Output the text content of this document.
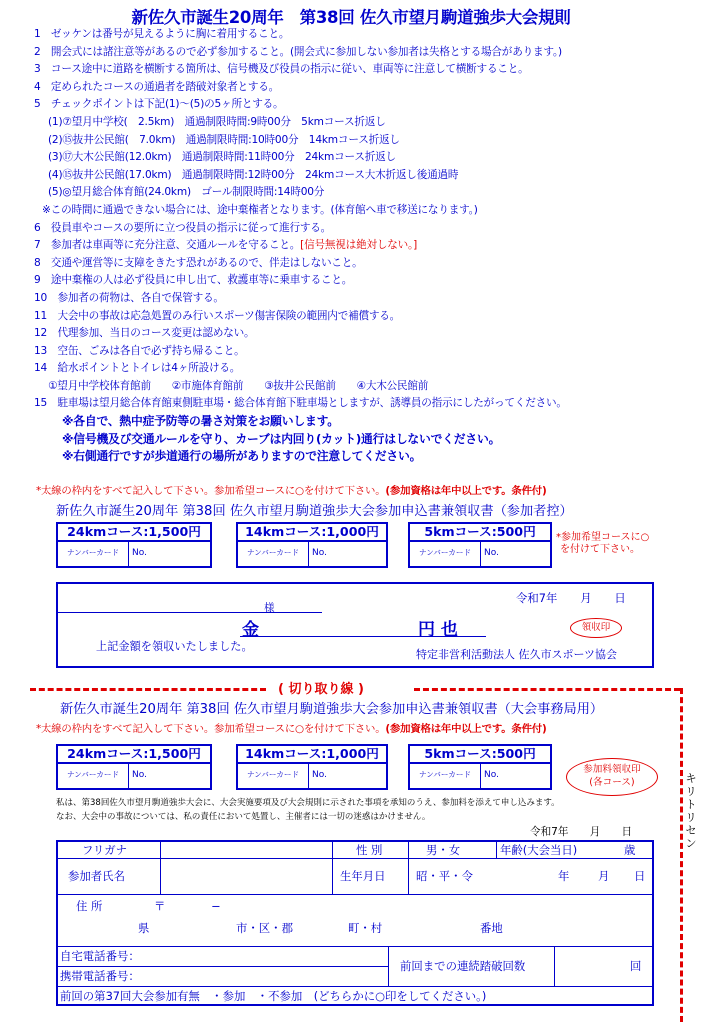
新佐久市誕生20周年　第38回 佐久市望月駒道強歩大会規則
1　ゼッケンは番号が見えるように胸に着用すること。
2　開会式には諸注意等があるので必ず参加すること。(開会式に参加しない参加者は失格とする場合があります。)
3　コース途中に道路を横断する箇所は、信号機及び役員の指示に従い、車両等に注意して横断すること。
4　定められたコースの通過者を踏破対象者とする。
5　チェックポイントは下記(1)～(5)の5ヶ所とする。
(1)⑦望月中学校(　2.5km)　通過制限時間:9時00分　5kmコース折返し
(2)⑮抜井公民館(　7.0km)　通過制限時間:10時00分　14kmコース折返し
(3)⑰大木公民館(12.0km)　通過制限時間:11時00分　24kmコース折返し
(4)⑮抜井公民館(17.0km)　通過制限時間:12時00分　24kmコース大木折返し後通過時
(5)◎望月総合体育館(24.0km)　ゴール制限時間:14時00分
※この時間に通過できない場合には、途中棄権者となります。(体育館へ車で移送になります。)
6　役員車やコースの要所に立つ役員の指示に従って進行する。
7　参加者は車両等に充分注意、交通ルールを守ること。[信号無視は絶対しない。]
8　交通や運営等に支障をきたす恐れがあるので、伴走はしないこと。
9　途中棄権の人は必ず役員に申し出て、救護車等に乗車すること。
10　参加者の荷物は、各自で保管する。
11　大会中の事故は応急処置のみ行いスポーツ傷害保険の範囲内で補償する。
12　代理参加、当日のコース変更は認めない。
13　空缶、ごみは各自で必ず持ち帰ること。
14　給水ポイントとトイレは4ヶ所設ける。
①望月中学校体育館前　　②市施体育館前　　③抜井公民館前　　④大木公民館前
15　駐車場は望月総合体育館東側駐車場・総合体育館下駐車場としますが、誘導員の指示にしたがってください。
※各自で、熱中症予防等の暑さ対策をお願いします。
※信号機及び交通ルールを守り、カーブは内回り(カット)通行はしないでください。
※右側通行ですが歩道通行の場所がありますので注意してください。
*太線の枠内をすべて記入して下さい。参加希望コースに○を付けて下さい。(参加資格は年中以上です。条件付)
新佐久市誕生20周年 第38回 佐久市望月駒道強歩大会参加申込書兼領収書（参加者控）
24kmコース:1,500円
ナンバーカード	No.
14kmコース:1,000円
ナンバーカード	No.
5kmコース:500円
ナンバーカード	No.
*参加希望コースに○
を付けて下さい。
令和7年　　月　　日
様
金	円 也
上記金額を領収いたしました。
領収印
特定非営利活動法人 佐久市スポーツ協会
( 切り取り線 )
キリトリセン
新佐久市誕生20周年 第38回 佐久市望月駒道強歩大会参加申込書兼領収書（大会事務局用）
*太線の枠内をすべて記入して下さい。参加希望コースに○を付けて下さい。(参加資格は年中以上です。条件付)
24kmコース:1,500円
ナンバーカード	No.
14kmコース:1,000円
ナンバーカード	No.
5kmコース:500円
ナンバーカード	No.	参加料領収印
(各コース)
私は、第38回佐久市望月駒道強歩大会に、大会実施要項及び大会規則に示された事項を承知のうえ、参加料を添えて申し込みます。
なお、大会中の事故については、私の責任において処置し、主催者には一切の迷惑はかけません。
令和7年　　月　　日
フリガナ	性 別	男・女	年齢(大会当日)	歳
参加者氏名	生年月日	昭・平・令	年	月 日
住 所	〒　　　　−
県	市・区・郡	町・村	番地
自宅電話番号：
携帯電話番号：
前回までの連続踏破回数	回
前回の第37回大会参加有無　・参加　・不参加　(どちらかに○印をしてください。)
